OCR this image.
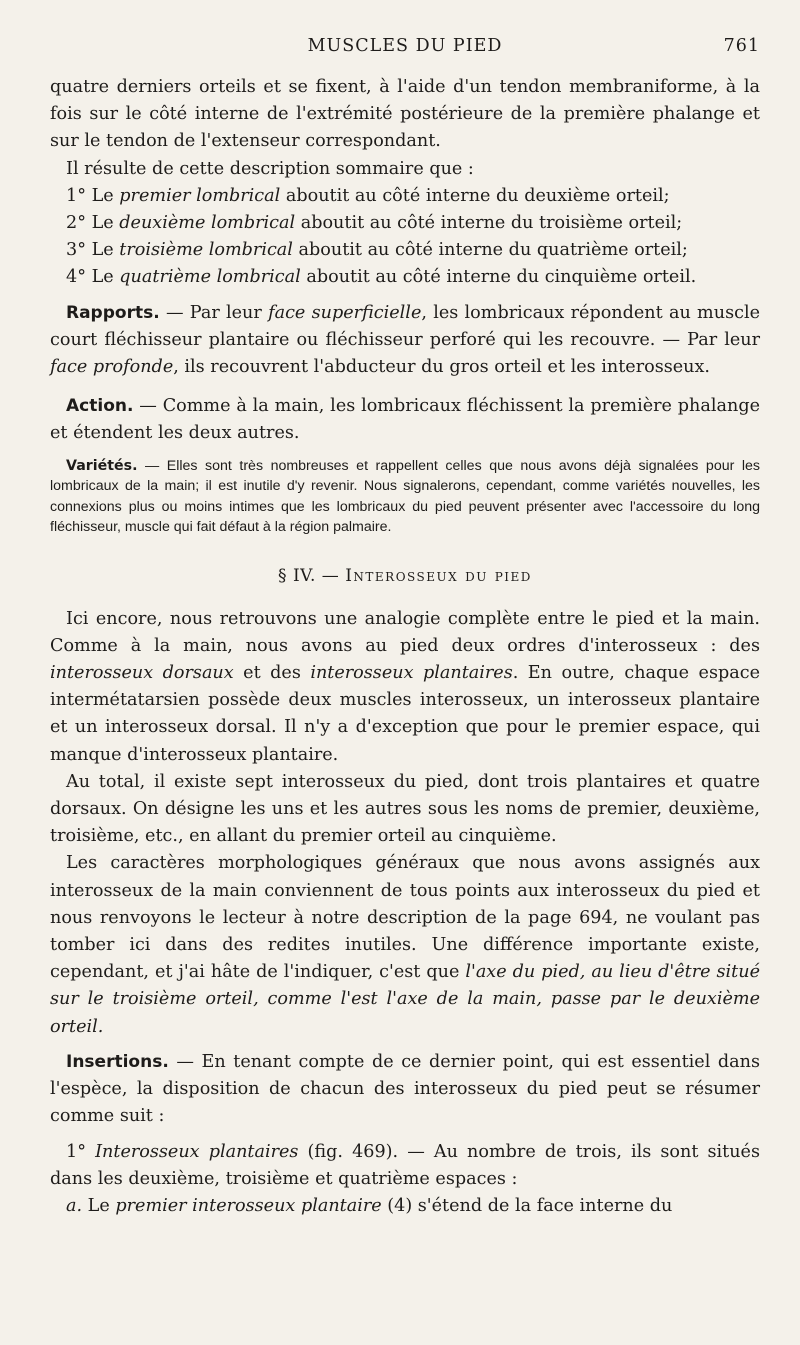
MUSCLES DU PIED	761

quatre derniers orteils et se fixent, à l'aide d'un tendon membraniforme, à la fois sur le côté interne de l'extrémité postérieure de la première phalange et sur le tendon de l'extenseur correspondant.

Il résulte de cette description sommaire que :

1° Le premier lombrical aboutit au côté interne du deuxième orteil;

2° Le deuxième lombrical aboutit au côté interne du troisième orteil;

3° Le troisième lombrical aboutit au côté interne du quatrième orteil;

4° Le quatrième lombrical aboutit au côté interne du cinquième orteil.

Rapports. — Par leur face superficielle, les lombricaux répondent au muscle court fléchisseur plantaire ou fléchisseur perforé qui les recouvre. — Par leur face profonde, ils recouvrent l'abducteur du gros orteil et les interosseux.

Action. — Comme à la main, les lombricaux fléchissent la première phalange et étendent les deux autres.

Variétés. — Elles sont très nombreuses et rappellent celles que nous avons déjà signalées pour les lombricaux de la main; il est inutile d'y revenir. Nous signalerons, cependant, comme variétés nouvelles, les connexions plus ou moins intimes que les lombricaux du pied peuvent présenter avec l'accessoire du long fléchisseur, muscle qui fait défaut à la région palmaire.

§ IV. — Interosseux du pied

Ici encore, nous retrouvons une analogie complète entre le pied et la main. Comme à la main, nous avons au pied deux ordres d'interosseux : des interosseux dorsaux et des interosseux plantaires. En outre, chaque espace intermétatarsien possède deux muscles interosseux, un interosseux plantaire et un interosseux dorsal. Il n'y a d'exception que pour le premier espace, qui manque d'interosseux plantaire.

Au total, il existe sept interosseux du pied, dont trois plantaires et quatre dorsaux. On désigne les uns et les autres sous les noms de premier, deuxième, troisième, etc., en allant du premier orteil au cinquième.

Les caractères morphologiques généraux que nous avons assignés aux interosseux de la main conviennent de tous points aux interosseux du pied et nous renvoyons le lecteur à notre description de la page 694, ne voulant pas tomber ici dans des redites inutiles. Une différence importante existe, cependant, et j'ai hâte de l'indiquer, c'est que l'axe du pied, au lieu d'être situé sur le troisième orteil, comme l'est l'axe de la main, passe par le deuxième orteil.

Insertions. — En tenant compte de ce dernier point, qui est essentiel dans l'espèce, la disposition de chacun des interosseux du pied peut se résumer comme suit :

1° Interosseux plantaires (fig. 469). — Au nombre de trois, ils sont situés dans les deuxième, troisième et quatrième espaces :

a. Le premier interosseux plantaire (4) s'étend de la face interne du
